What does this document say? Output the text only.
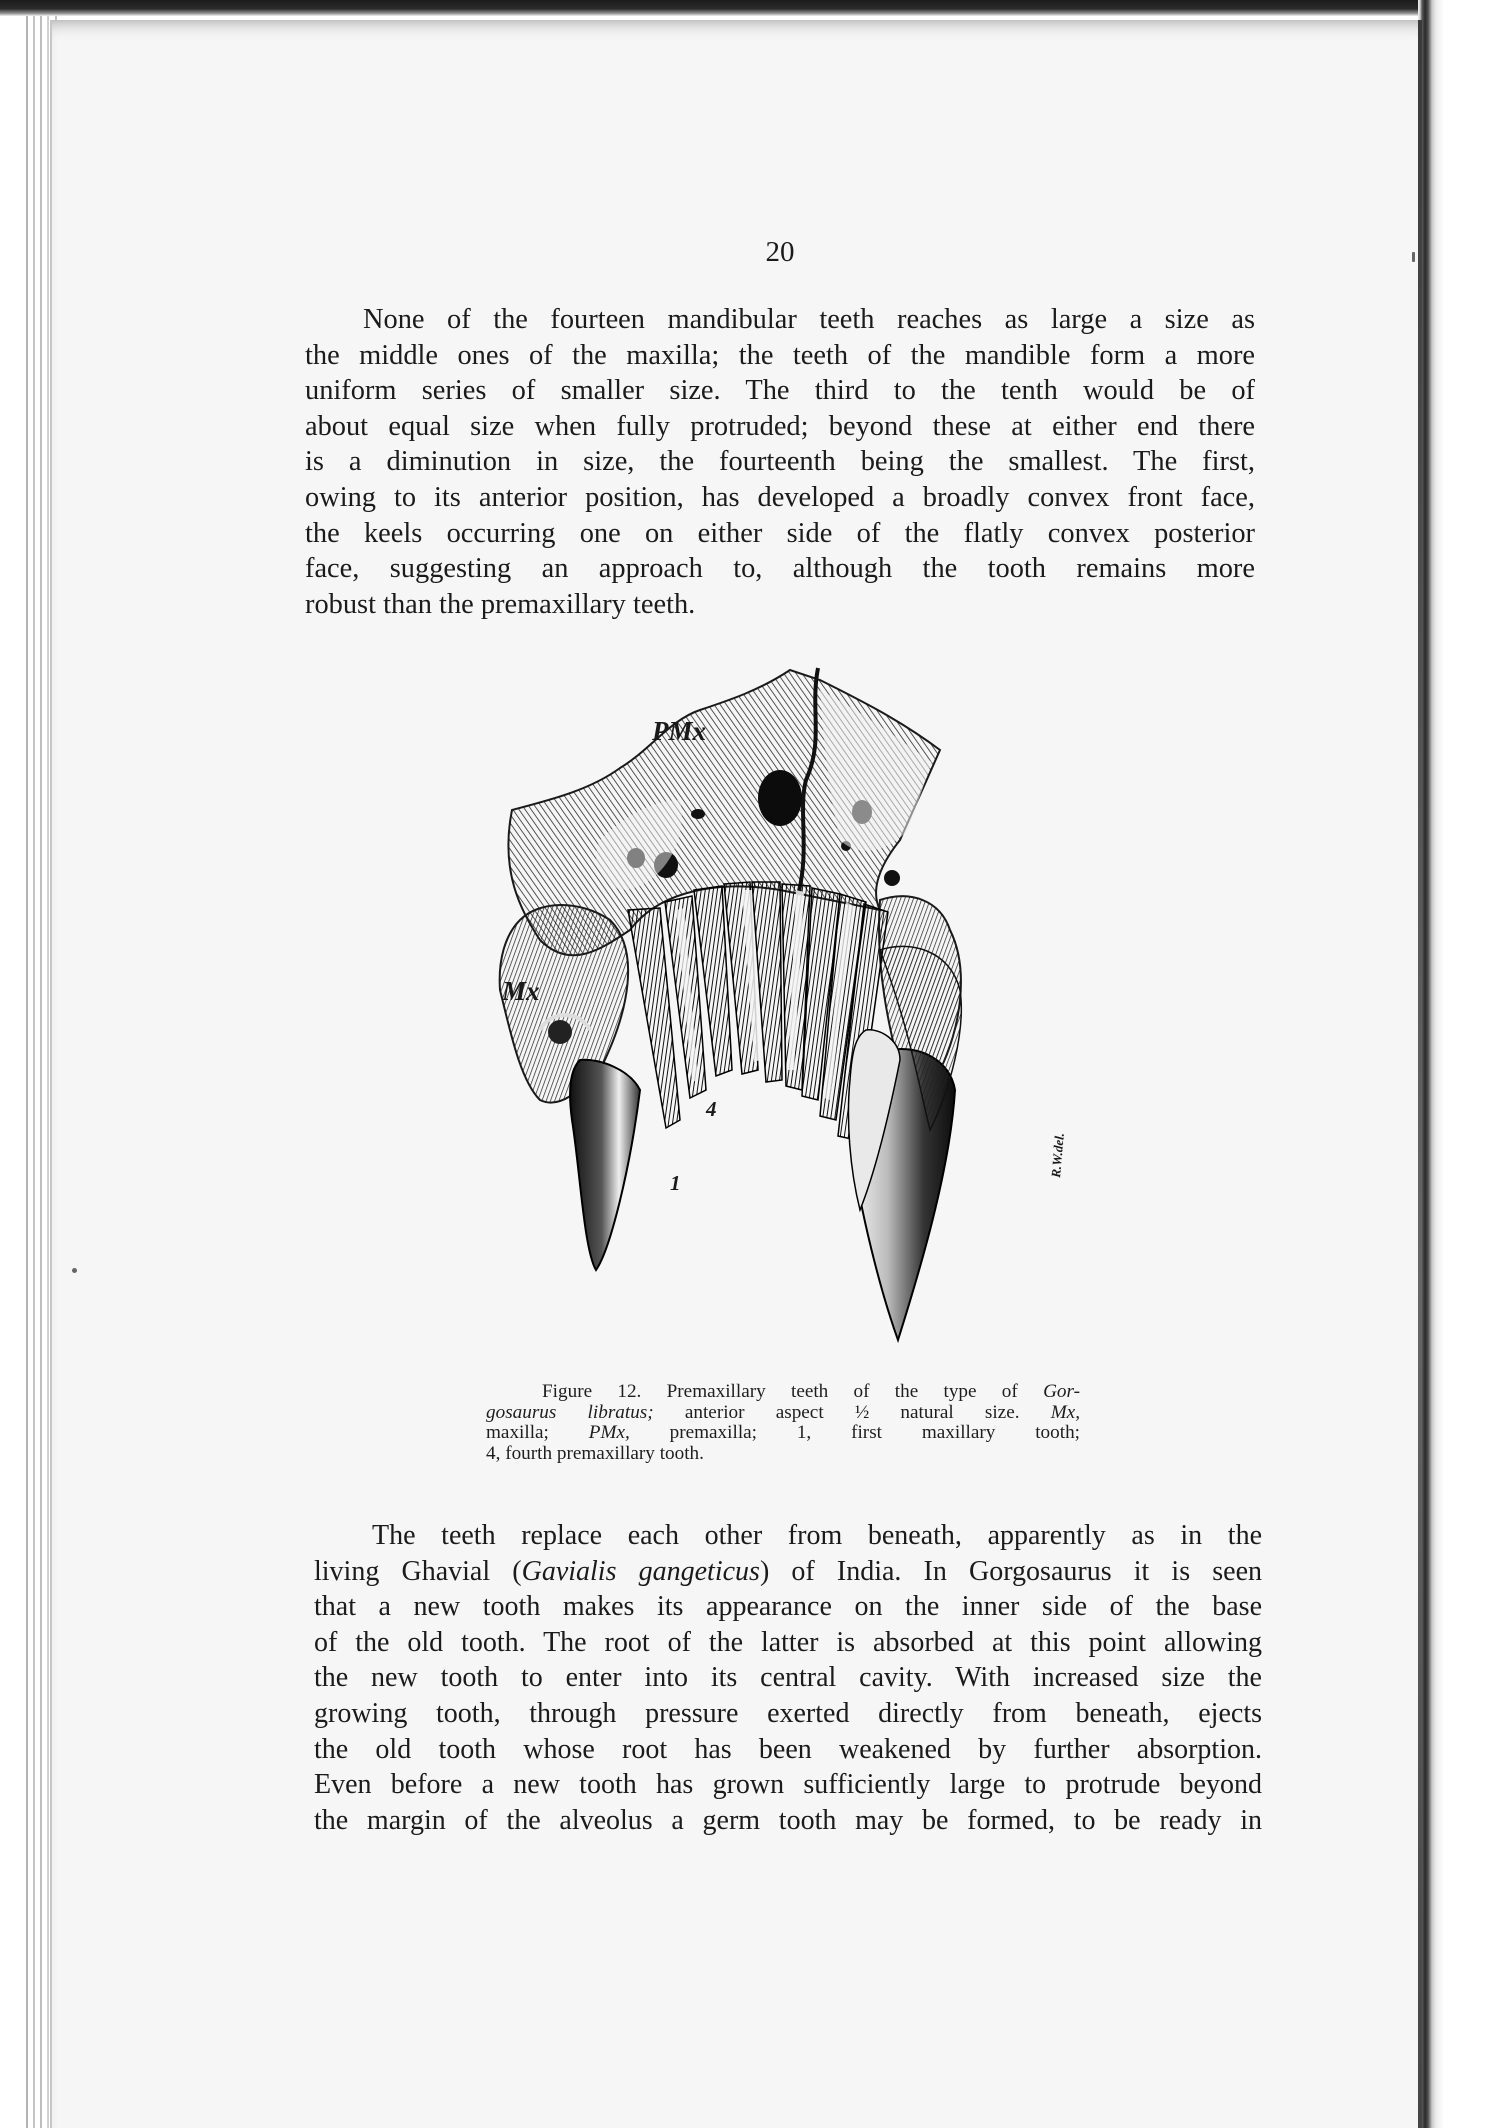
20
None of the fourteen mandibular teeth reaches as large a size as
the middle ones of the maxilla; the teeth of the mandible form a more
uniform series of smaller size. The third to the tenth would be of
about equal size when fully protruded; beyond these at either end there
is a diminution in size, the fourteenth being the smallest. The first,
owing to its anterior position, has developed a broadly convex front face,
the keels occurring one on either side of the flatly convex posterior
face, suggesting an approach to, although the tooth remains more
robust than the premaxillary teeth.
PMx
Mx
4
1
R.W.del.
Figure 12. Premaxillary teeth of the type of Gor-
gosaurus libratus; anterior aspect ½ natural size. Mx,
maxilla; PMx, premaxilla; 1, first maxillary tooth;
4, fourth premaxillary tooth.
The teeth replace each other from beneath, apparently as in the
living Ghavial (Gavialis gangeticus) of India. In Gorgosaurus it is seen
that a new tooth makes its appearance on the inner side of the base
of the old tooth. The root of the latter is absorbed at this point allowing
the new tooth to enter into its central cavity. With increased size the
growing tooth, through pressure exerted directly from beneath, ejects
the old tooth whose root has been weakened by further absorption.
Even before a new tooth has grown sufficiently large to protrude beyond
the margin of the alveolus a germ tooth may be formed, to be ready in
